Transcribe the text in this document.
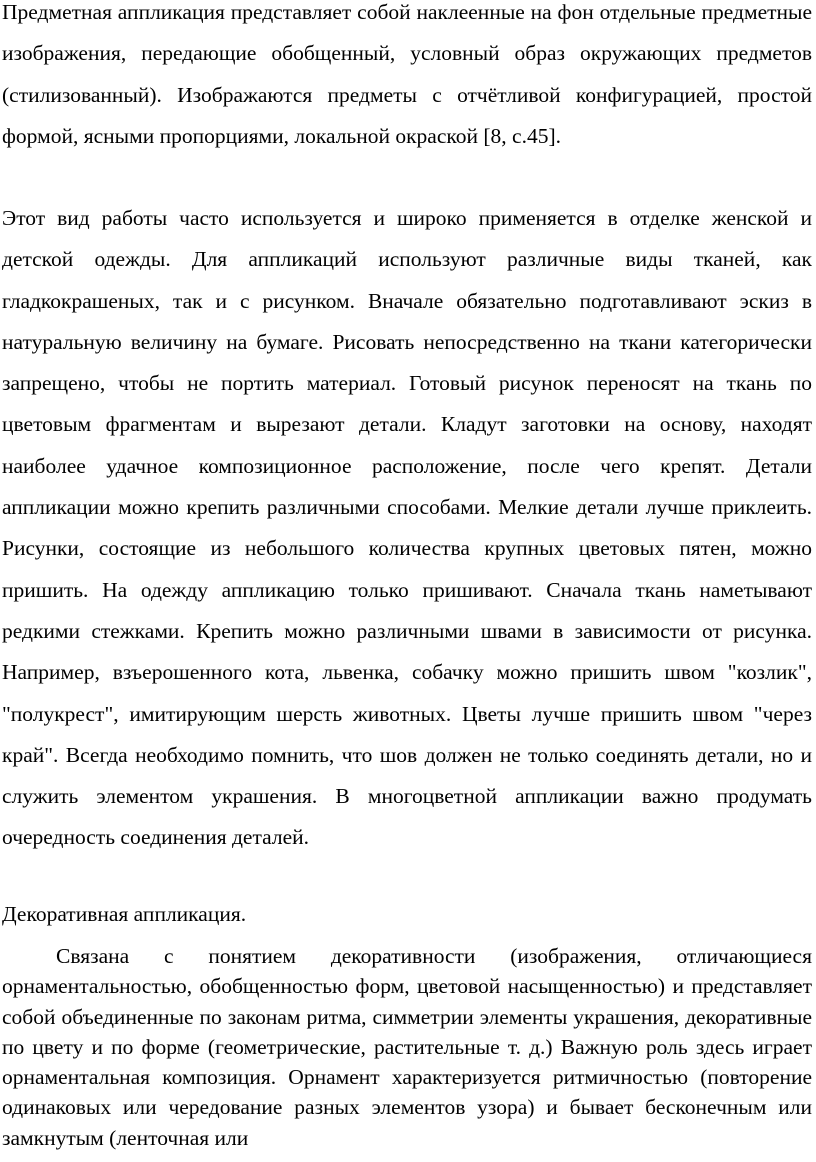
Предметная аппликация представляет собой наклеенные на фон отдельные предметные изображения, передающие обобщенный, условный образ окружающих предметов (стилизованный). Изображаются предметы с отчётливой конфигурацией, простой формой, ясными пропорциями, локальной окраской [8, с.45].

Этот вид работы часто используется и широко применяется в отделке женской и детской одежды. Для аппликаций используют различные виды тканей, как гладкокрашеных, так и с рисунком. Вначале обязательно подготавливают эскиз в натуральную величину на бумаге. Рисовать непосредственно на ткани категорически запрещено, чтобы не портить материал. Готовый рисунок переносят на ткань по цветовым фрагментам и вырезают детали. Кладут заготовки на основу, находят наиболее удачное композиционное расположение, после чего крепят. Детали аппликации можно крепить различными способами. Мелкие детали лучше приклеить. Рисунки, состоящие из небольшого количества крупных цветовых пятен, можно пришить. На одежду аппликацию только пришивают. Сначала ткань наметывают редкими стежками. Крепить можно различными швами в зависимости от рисунка. Например, взъерошенного кота, львенка, собачку можно пришить швом "козлик", "полукрест", имитирующим шерсть животных. Цветы лучше пришить швом "через край". Всегда необходимо помнить, что шов должен не только соединять детали, но и служить элементом украшения. В многоцветной аппликации важно продумать очередность соединения деталей.

Декоративная аппликация.

Связана с понятием декоративности (изображения, отличающиеся орнаментальностью, обобщенностью форм, цветовой насыщенностью) и представляет собой объединенные по законам ритма, симметрии элементы украшения, декоративные по цвету и по форме (геометрические, растительные т. д.) Важную роль здесь играет орнаментальная композиция. Орнамент характеризуется ритмичностью (повторение одинаковых или чередование разных элементов узора) и бывает бесконечным или замкнутым (ленточная или
